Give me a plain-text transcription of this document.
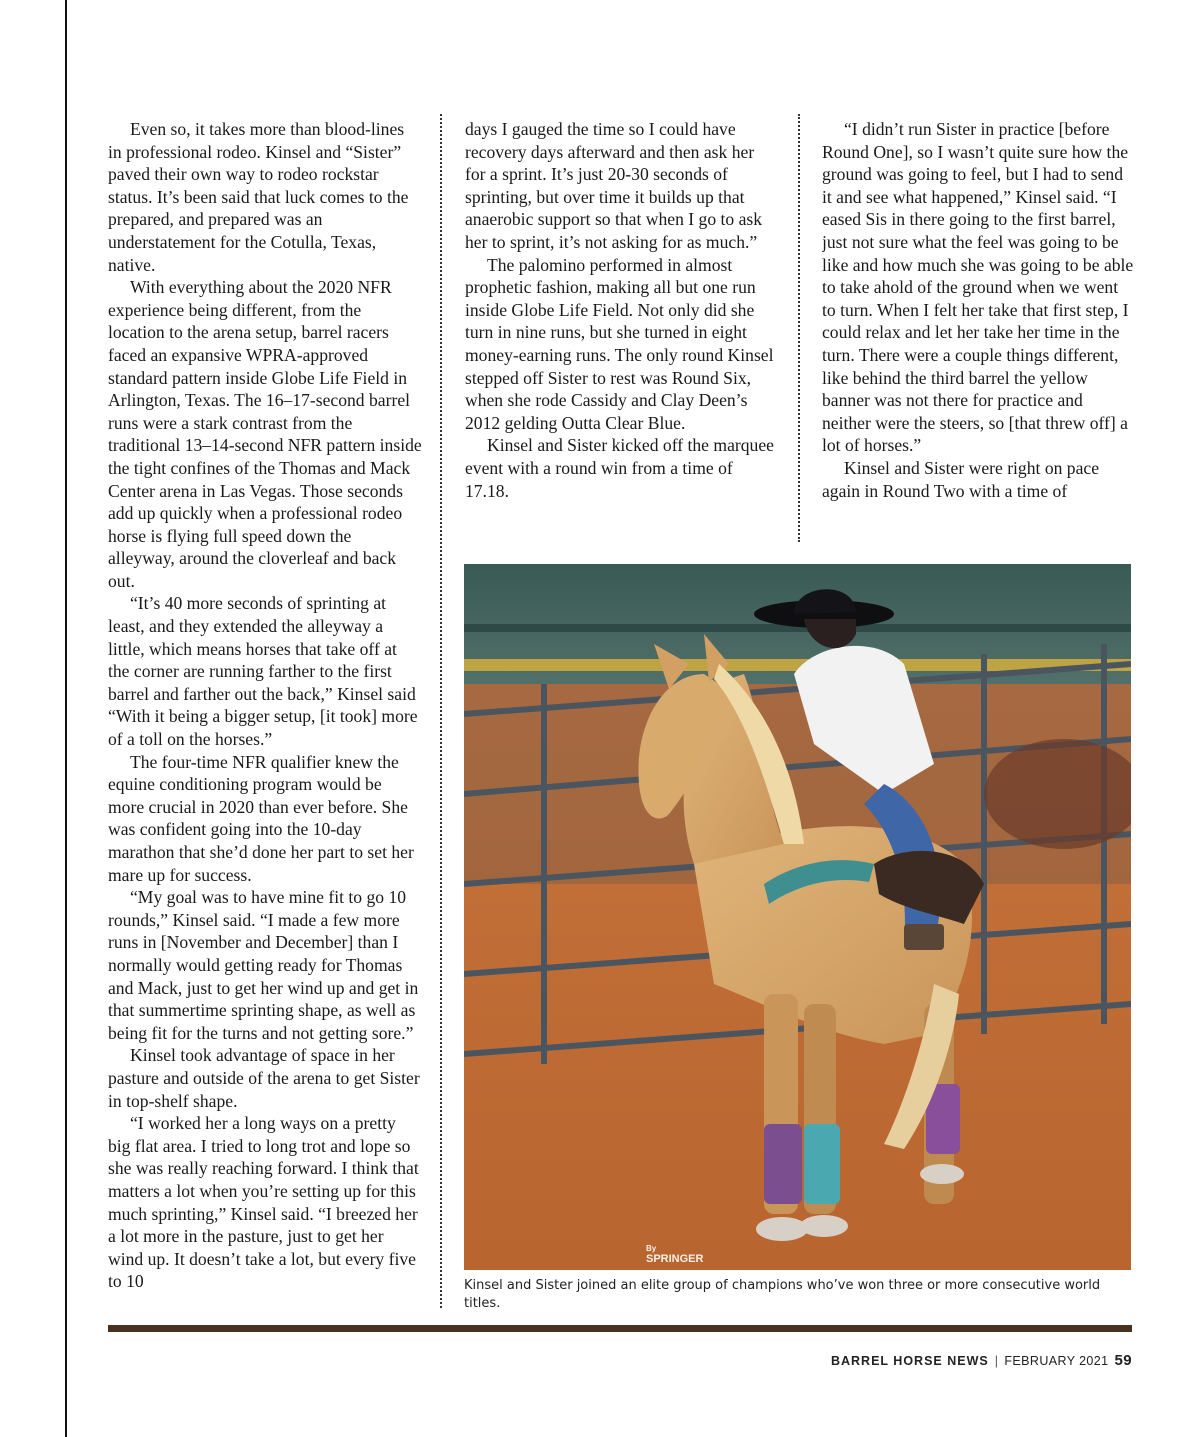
Even so, it takes more than blood-lines in professional rodeo. Kinsel and “Sister” paved their own way to rodeo rockstar status. It’s been said that luck comes to the prepared, and prepared was an understatement for the Cotulla, Texas, native.

With everything about the 2020 NFR experience being different, from the location to the arena setup, barrel racers faced an expansive WPRA-approved standard pattern inside Globe Life Field in Arlington, Texas. The 16–17-second barrel runs were a stark contrast from the traditional 13–14-second NFR pattern inside the tight confines of the Thomas and Mack Center arena in Las Vegas. Those seconds add up quickly when a professional rodeo horse is flying full speed down the alleyway, around the cloverleaf and back out.

“It’s 40 more seconds of sprinting at least, and they extended the alleyway a little, which means horses that take off at the corner are running farther to the first barrel and farther out the back,” Kinsel said “With it being a bigger setup, [it took] more of a toll on the horses.”

The four-time NFR qualifier knew the equine conditioning program would be more crucial in 2020 than ever before. She was confident going into the 10-day marathon that she’d done her part to set her mare up for success.

“My goal was to have mine fit to go 10 rounds,” Kinsel said. “I made a few more runs in [November and December] than I normally would getting ready for Thomas and Mack, just to get her wind up and get in that summertime sprinting shape, as well as being fit for the turns and not getting sore.”

Kinsel took advantage of space in her pasture and outside of the arena to get Sister in top-shelf shape.

“I worked her a long ways on a pretty big flat area. I tried to long trot and lope so she was really reaching forward. I think that matters a lot when you’re setting up for this much sprinting,” Kinsel said. “I breezed her a lot more in the pasture, just to get her wind up. It doesn’t take a lot, but every five to 10

days I gauged the time so I could have recovery days afterward and then ask her for a sprint. It’s just 20-30 seconds of sprinting, but over time it builds up that anaerobic support so that when I go to ask her to sprint, it’s not asking for as much.”

The palomino performed in almost prophetic fashion, making all but one run inside Globe Life Field. Not only did she turn in nine runs, but she turned in eight money-earning runs. The only round Kinsel stepped off Sister to rest was Round Six, when she rode Cassidy and Clay Deen’s 2012 gelding Outta Clear Blue.

Kinsel and Sister kicked off the marquee event with a round win from a time of 17.18.

“I didn’t run Sister in practice [before Round One], so I wasn’t quite sure how the ground was going to feel, but I had to send it and see what happened,” Kinsel said. “I eased Sis in there going to the first barrel, just not sure what the feel was going to be like and how much she was going to be able to take ahold of the ground when we went to turn. When I felt her take that first step, I could relax and let her take her time in the turn. There were a couple things different, like behind the third barrel the yellow banner was not there for practice and neither were the steers, so [that threw off] a lot of horses.”

Kinsel and Sister were right on pace again in Round Two with a time of

By
SPRINGER
Kinsel and Sister joined an elite group of champions who’ve won three or more consecutive world titles.
BARREL HORSE NEWS | FEBRUARY 2021 59
